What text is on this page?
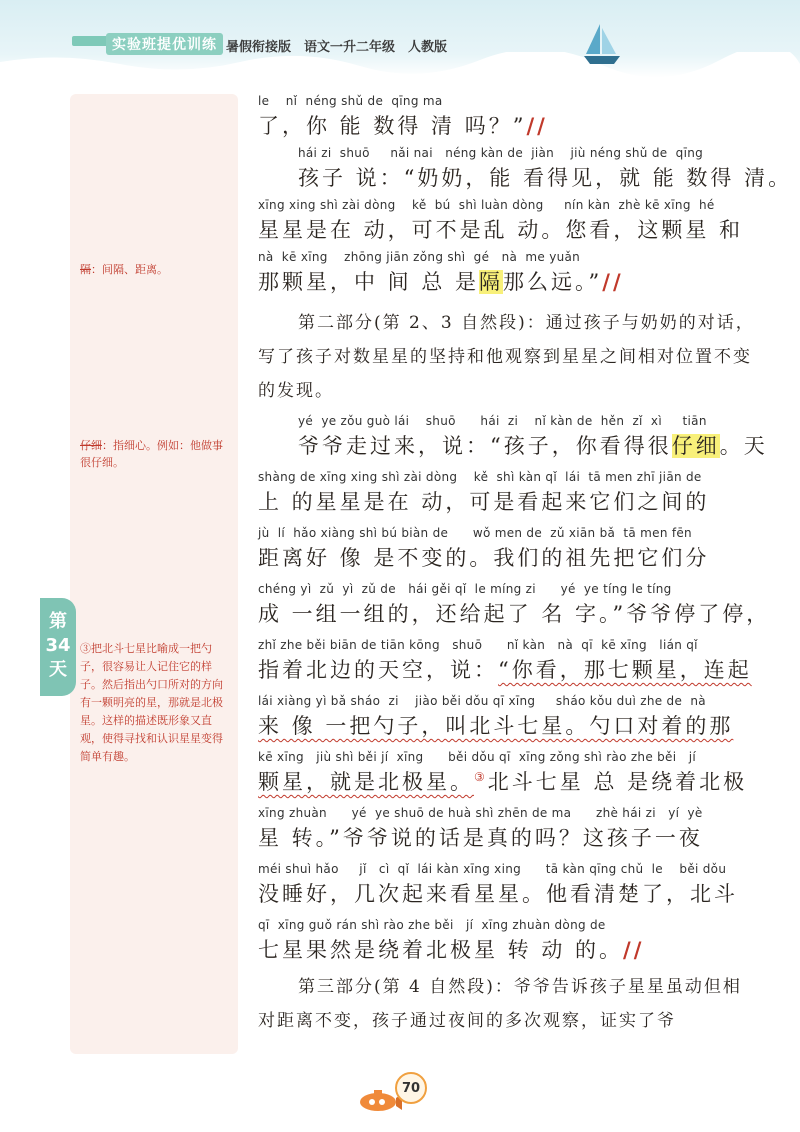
实验班提优训练 暑假衔接版 语文一升二年级 人教版
隔：间隔、距离。
仔细：指细心。例如：他做事很仔细。
③把北斗七星比喻成一把勺子，很容易让人记住它的样子。然后指出勺口所对的方向有一颗明亮的星，那就是北极星。这样的描述既形象又直观，使得寻找和认识星星变得简单有趣。
第
34
天
le    nǐ  néng shǔ de  qīng ma
了，你 能 数得 清 吗？”//
hái zi  shuō     nǎi nai   néng kàn de  jiàn    jiù néng shǔ de  qīng
孩子 说：“奶奶，能 看得见，就 能 数得 清。
xīng xing shì zài dòng    kě  bú  shì luàn dòng     nín kàn  zhè kē xīng  hé
星星是在 动，可不是乱 动。您看，这颗星 和
nà  kē xīng    zhōng jiān zǒng shì  gé   nà  me yuǎn
那颗星，中 间 总 是隔那么远。”//
第二部分(第 2、3 自然段)：通过孩子与奶奶的对话，写了孩子对数星星的坚持和他观察到星星之间相对位置不变的发现。
yé  ye zǒu guò lái    shuō      hái  zi    nǐ kàn de  hěn  zǐ  xì     tiān
爷爷走过来，说：“孩子，你看得很仔细。天
shàng de xīng xing shì zài dòng    kě  shì kàn qǐ  lái  tā men zhī jiān de
上 的星星是在 动，可是看起来它们之间的
jù  lí  hǎo xiàng shì bú biàn de      wǒ men de  zǔ xiān bǎ  tā men fēn
距离好 像 是不变的。我们的祖先把它们分
chéng yì  zǔ  yì  zǔ de   hái gěi qǐ  le míng zi      yé  ye tíng le tíng
成 一组一组的，还给起了 名 字。”爷爷停了停，
zhǐ zhe běi biān de tiān kōng   shuō      nǐ kàn   nà  qī  kē xīng   lián qǐ
指着北边的天空，说：“你看，那七颗星，连起
lái xiàng yì bǎ sháo  zi    jiào běi dǒu qī xīng     sháo kǒu duì zhe de  nà
来 像 一把勺子，叫北斗七星。勺口对着的那
kē xīng   jiù shì běi jí  xīng      běi dǒu qī  xīng zǒng shì rào zhe běi   jí
颗星，就是北极星。③北斗七星 总 是绕着北极
xīng zhuàn      yé  ye shuō de huà shì zhēn de ma      zhè hái zi   yí  yè
星 转。”爷爷说的话是真的吗？这孩子一夜
méi shuì hǎo     jǐ   cì  qǐ  lái kàn xīng xing      tā kàn qīng chǔ  le    běi dǒu
没睡好，几次起来看星星。他看清楚了，北斗
qī  xīng guǒ rán shì rào zhe běi   jí  xīng zhuàn dòng de
七星果然是绕着北极星 转 动 的。//
第三部分(第 4 自然段)：爷爷告诉孩子星星虽动但相对距离不变，孩子通过夜间的多次观察，证实了爷
70
